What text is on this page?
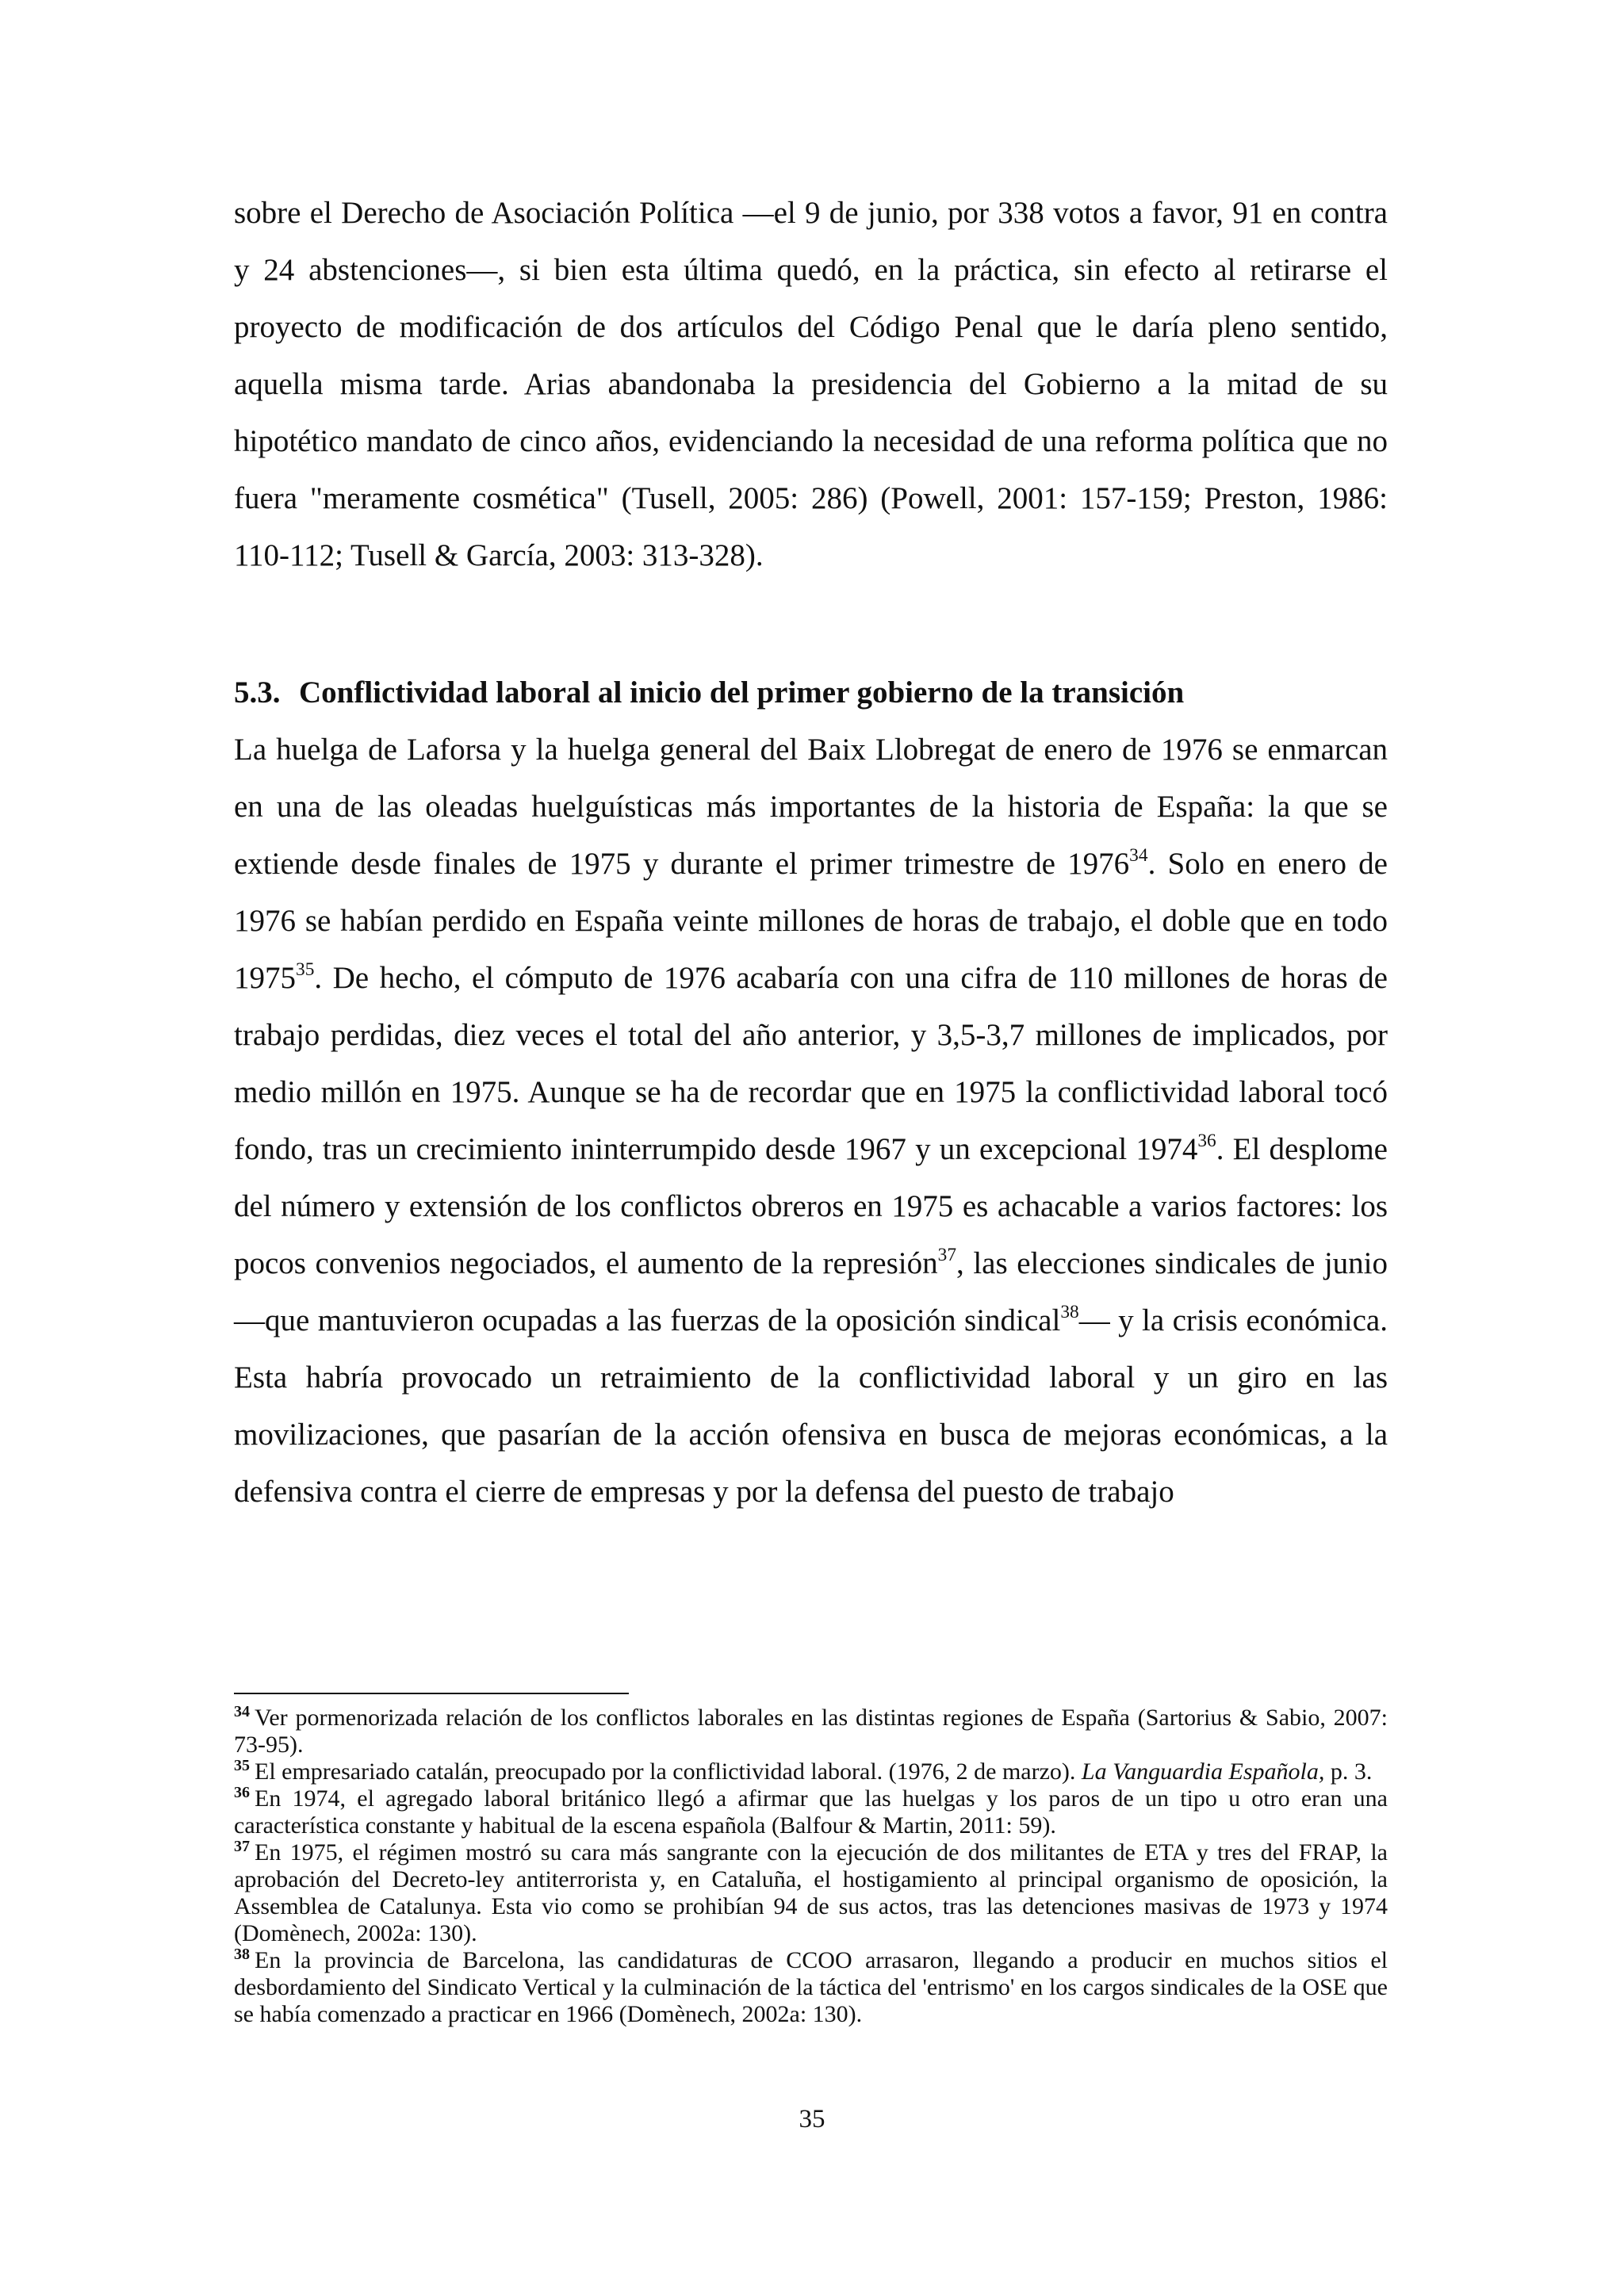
sobre el Derecho de Asociación Política —el 9 de junio, por 338 votos a favor, 91 en contra y 24 abstenciones—, si bien esta última quedó, en la práctica, sin efecto al retirarse el proyecto de modificación de dos artículos del Código Penal que le daría pleno sentido, aquella misma tarde. Arias abandonaba la presidencia del Gobierno a la mitad de su hipotético mandato de cinco años, evidenciando la necesidad de una reforma política que no fuera "meramente cosmética" (Tusell, 2005: 286) (Powell, 2001: 157-159; Preston, 1986: 110-112; Tusell & García, 2003: 313-328).

5.3. Conflictividad laboral al inicio del primer gobierno de la transición

La huelga de Laforsa y la huelga general del Baix Llobregat de enero de 1976 se enmarcan en una de las oleadas huelguísticas más importantes de la historia de España: la que se extiende desde finales de 1975 y durante el primer trimestre de 1976$^{34}$. Solo en enero de 1976 se habían perdido en España veinte millones de horas de trabajo, el doble que en todo 1975$^{35}$. De hecho, el cómputo de 1976 acabaría con una cifra de 110 millones de horas de trabajo perdidas, diez veces el total del año anterior, y 3,5-3,7 millones de implicados, por medio millón en 1975. Aunque se ha de recordar que en 1975 la conflictividad laboral tocó fondo, tras un crecimiento ininterrumpido desde 1967 y un excepcional 1974$^{36}$. El desplome del número y extensión de los conflictos obreros en 1975 es achacable a varios factores: los pocos convenios negociados, el aumento de la represión$^{37}$, las elecciones sindicales de junio —que mantuvieron ocupadas a las fuerzas de la oposición sindical$^{38}$— y la crisis económica. Esta habría provocado un retraimiento de la conflictividad laboral y un giro en las movilizaciones, que pasarían de la acción ofensiva en busca de mejoras económicas, a la defensiva contra el cierre de empresas y por la defensa del puesto de trabajo

$^{34}$ Ver pormenorizada relación de los conflictos laborales en las distintas regiones de España (Sartorius & Sabio, 2007: 73-95).

$^{35}$ El empresariado catalán, preocupado por la conflictividad laboral. (1976, 2 de marzo). La Vanguardia Española, p. 3.

$^{36}$ En 1974, el agregado laboral británico llegó a afirmar que las huelgas y los paros de un tipo u otro eran una característica constante y habitual de la escena española (Balfour & Martin, 2011: 59).

$^{37}$ En 1975, el régimen mostró su cara más sangrante con la ejecución de dos militantes de ETA y tres del FRAP, la aprobación del Decreto-ley antiterrorista y, en Cataluña, el hostigamiento al principal organismo de oposición, la Assemblea de Catalunya. Esta vio como se prohibían 94 de sus actos, tras las detenciones masivas de 1973 y 1974 (Domènech, 2002a: 130).

$^{38}$ En la provincia de Barcelona, las candidaturas de CCOO arrasaron, llegando a producir en muchos sitios el desbordamiento del Sindicato Vertical y la culminación de la táctica del 'entrismo' en los cargos sindicales de la OSE que se había comenzado a practicar en 1966 (Domènech, 2002a: 130).

35
